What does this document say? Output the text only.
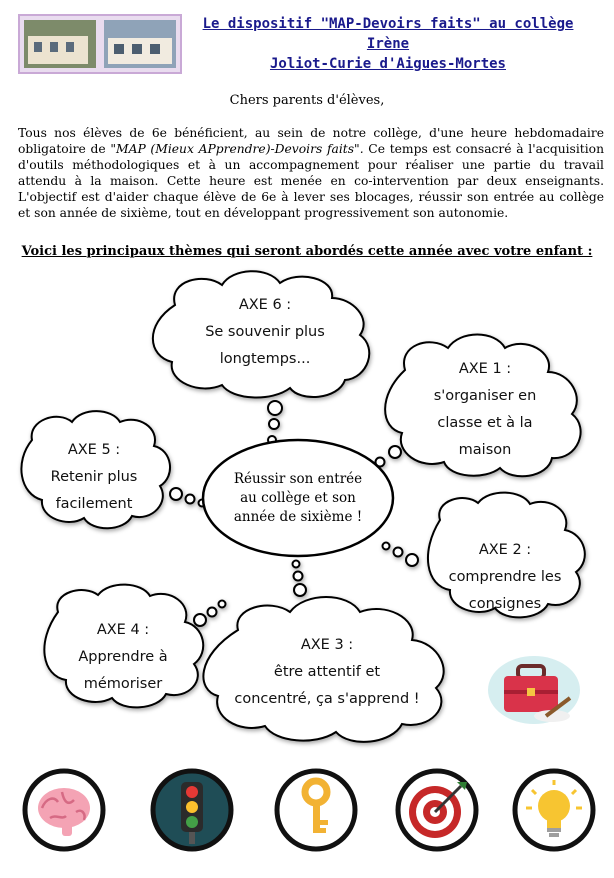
Le dispositif "MAP-Devoirs faits" au collège Irène
Joliot-Curie d'Aigues-Mortes
Chers parents d'élèves,
Tous nos élèves de 6e bénéficient, au sein de notre collège, d'une heure hebdomadaire obligatoire de "MAP (Mieux APprendre)-Devoirs faits". Ce temps est consacré à l'acquisition d'outils méthodologiques et à un accompagnement pour réaliser une partie du travail attendu à la maison. Cette heure est menée en co-intervention par deux enseignants. L'objectif est d'aider chaque élève de 6e à lever ses blocages, réussir son entrée au collège et son année de sixième, tout en développant progressivement son autonomie.
Voici les principaux thèmes qui seront abordés cette année avec votre enfant :
AXE 6 :
Se souvenir plus
longtemps...
AXE 1 :
s'organiser en
classe et à la
maison
AXE 5 :
Retenir plus
facilement
Réussir son entrée
au collège et son
année de sixième !
AXE 2 :
comprendre les
consignes
AXE 4 :
Apprendre à
mémoriser
AXE 3 :
être attentif et
concentré, ça s'apprend !
